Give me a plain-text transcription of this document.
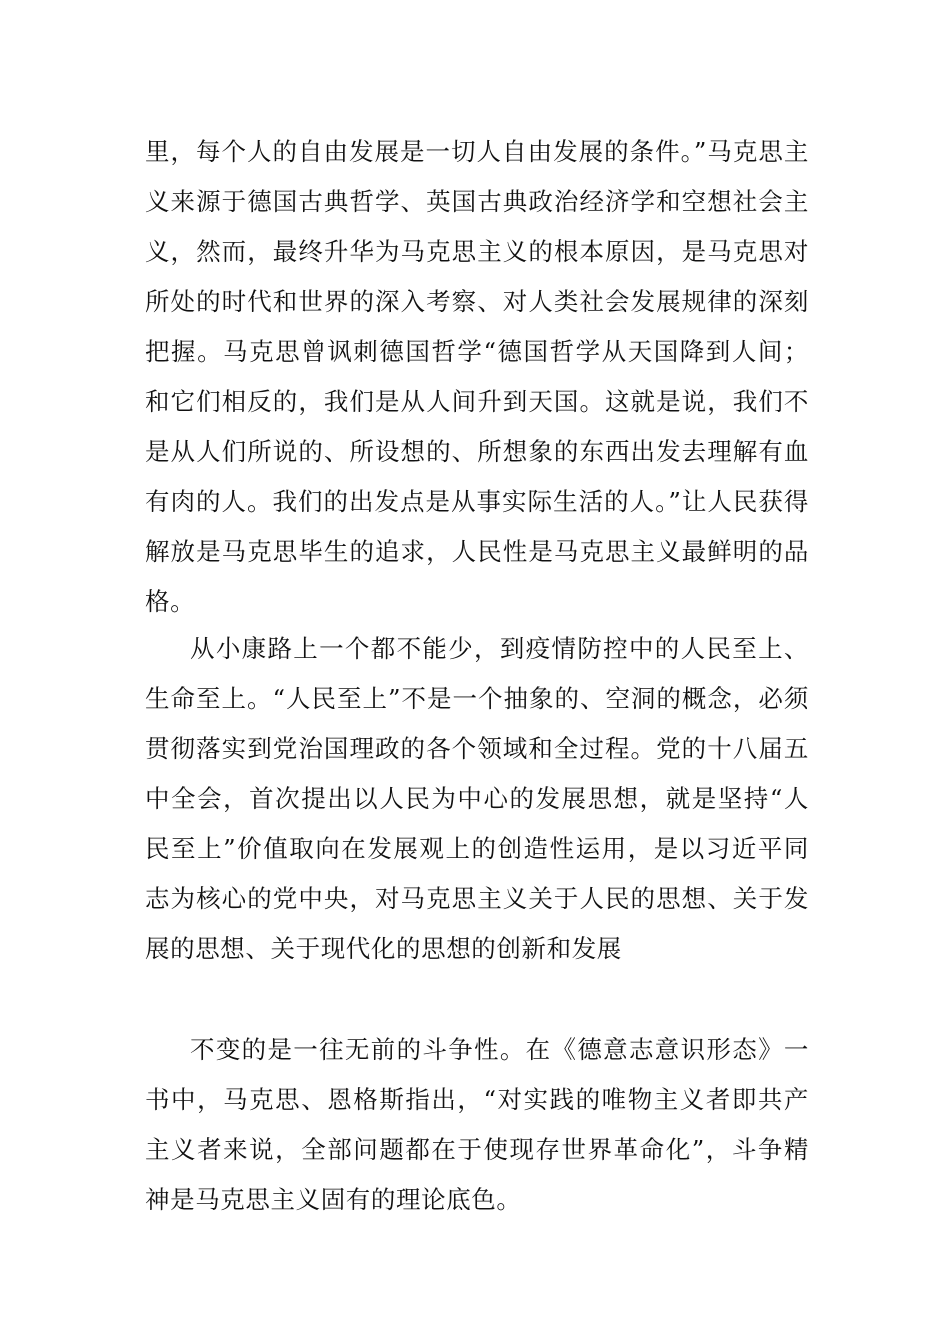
里，每个人的自由发展是一切人自由发展的条件。”马克思主义来源于德国古典哲学、英国古典政治经济学和空想社会主义，然而，最终升华为马克思主义的根本原因，是马克思对所处的时代和世界的深入考察、对人类社会发展规律的深刻把握。马克思曾讽刺德国哲学“德国哲学从天国降到人间；和它们相反的，我们是从人间升到天国。这就是说，我们不是从人们所说的、所设想的、所想象的东西出发去理解有血有肉的人。我们的出发点是从事实际生活的人。”让人民获得解放是马克思毕生的追求，人民性是马克思主义最鲜明的品格。

从小康路上一个都不能少，到疫情防控中的人民至上、生命至上。“人民至上”不是一个抽象的、空洞的概念，必须贯彻落实到党治国理政的各个领域和全过程。党的十八届五中全会，首次提出以人民为中心的发展思想，就是坚持“人民至上”价值取向在发展观上的创造性运用，是以习近平同志为核心的党中央，对马克思主义关于人民的思想、关于发展的思想、关于现代化的思想的创新和发展

不变的是一往无前的斗争性。在《德意志意识形态》一书中，马克思、恩格斯指出，“对实践的唯物主义者即共产主义者来说，全部问题都在于使现存世界革命化”，斗争精神是马克思主义固有的理论底色。
